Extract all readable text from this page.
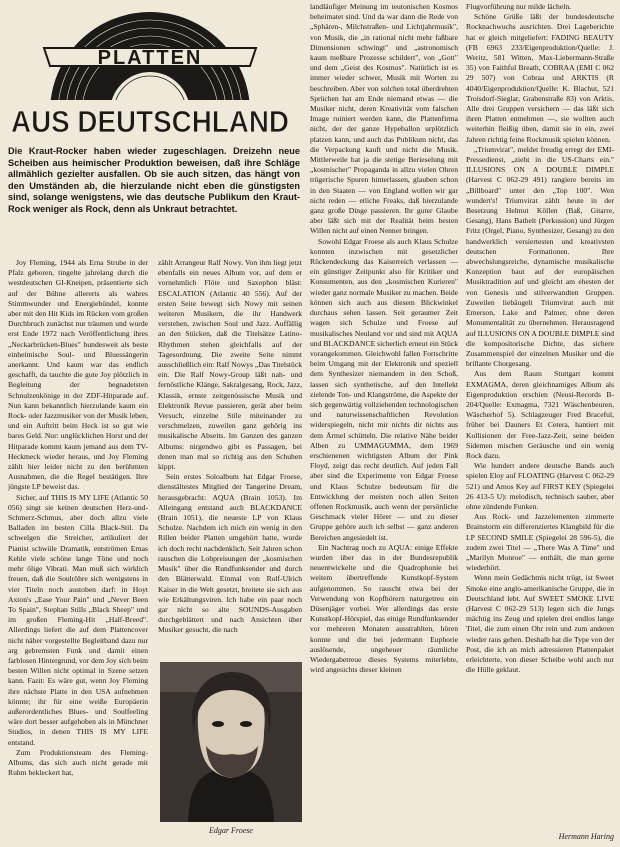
PLATTEN
AUS DEUTSCHLAND
Die Kraut-Rocker haben wieder zugeschlagen. Dreizehn neue Scheiben aus heimischer Produktion beweisen, daß ihre Schläge allmählich gezielter ausfallen. Ob sie auch sitzen, das hängt von den Umständen ab, die hierzulande nicht eben die günstigsten sind, solange wenigstens, wie das deutsche Publikum den Kraut-Rock weniger als Rock, denn als Unkraut betrachtet.

Joy Fleming, 1944 als Erna Strube in der Pfalz geboren, tingelte jahrelang durch die westdeutschen GI-Kneipen, präsentierte sich auf der Bühne allererts als wahres Stimmwunder und Energiebündel, konnte aber mit den Hit Kids im Rücken vom großen Durchbruch zunächst nur träumen und wurde erst Ende 1972 nach Veröffentlichung ihres „Neckarbrücken-Blues" bundesweit als beste einheimische Soul- und Bluessängerin anerkannt. Und kaum war das endlich geschafft, da tauchte die gute Joy plötzlich in Begleitung der begnadetsten Schnulzenkönige in der ZDF-Hitparade auf. Nun kann bekanntlich hierzulande kaum ein Rock- oder Jazzmusiker von der Musik leben, und ein Auftritt beim Heck ist so gut wie bares Geld. Nur: unglücklichen Horst und der Hitparade kommt kaum jemand aus dem TV-Heckmeck wieder heraus, und Joy Fleming zählt hier leider nicht zu den berühmten Ausnahmen, die die Regel bestätigen. Ihre jüngste LP beweist das.

Sicher, auf THIS IS MY LIFE (Atlantic 50 056) singt sie keinen deutschen Herz-und-Schmerz-Schmus, aber doch allzu viele Balladen im besten Cilla Black-Stil. Da schwelgen die Streicher, artikuliert der Pianist schwüle Dramatik, entströmen Ernas Kehle viele schöne lange Töne und noch mehr ölige Vibrati. Man muß sich wirklich freuen, daß die Soulröhre sich wenigstens in vier Titeln noch austoben darf: in Hoyt Axton's „Ease Your Pain" und „Never Been To Spain", Stephan Stills „Black Sheep" und im großen Fleming-Hit „Half-Breed". Allerdings liefert die auf dem Plattencover nicht näher vorgestellte Begleitband dazu nur arg gebremsten Funk und damit einen farblosen Hintergrund, vor dem Joy sich beim besten Willen nicht optimal in Szene setzen kann. Fazit: Es wäre gut, wenn Joy Fleming ihre nächste Platte in den USA aufnehmen könnte; ihr für eine weiße Europäerin außerordentliches Blues- und Soulfeeling wäre dort besser aufgehoben als in Münchner Studios, in denen THIS IS MY LIFE entstand.

Zum Produktionsteam des Fleming-Albums, das sich auch nicht gerade mit Ruhm bekleckert hat,

zählt Arrangeur Ralf Nowy. Von ihm liegt jetzt ebenfalls ein neues Album vor, auf dem er vornehmlich Flöte und Saxophon bläst: ESCALATION (Atlantic 40 556). Auf der ersten Seite bewegt sich Nowy mit seinen weiteren Musikern, die ihr Handwerk verstehen, zwischen Soul und Jazz. Auffällig an den Stücken, daß die Titelsätze Latino-Rhythmen stehen gleichfalls auf der Tagesordnung. Die zweite Seite nimmt ausschließlich ein: Ralf Nowys „Das Titelstück ein. Die Ralf Nowy-Group läßt nah- und fernöstliche Klänge, Sakralgesang, Rock, Jazz, Klassik, ernste zeitgenössische Musik und Elektronik Revue passieren, gerät aber beim Versuch, einzelne Stile miteinander zu verschmelzen, zuweilen ganz gehörig ins musikalische Abseits. Im Ganzen des ganzen Albums: nirgendwo gibt es Passagen, bei denen man mal so richtig aus den Schuhen kippt.

Sein erstes Soloalbum hat Edgar Froese, dienstältestes Mitglied der Tangerine Dream, herausgebracht: AQUA (Brain 1053). Im Alleingang entstand auch BLACKDANCE (Brain 1051), die neueste LP von Klaus Schulze. Nachdem ich mich ein wenig in den Rillen beider Platten umgehört hatte, wurde ich doch recht nachdenklich. Seit Jahren schon rauschen die Lobpreisungen der „kosmischen Musik" über die Rundfunksender und durch den Blätterwald. Einmal von Rolf-Ulrich Kaiser in die Welt gesetzt, breitete sie sich aus wie Erkältungsviren. Ich habe ein paar noch gar nicht so alte SOUNDS-Ausgaben durchgeblättert und nach Ansichten über Musiker gesucht, die nach

Edgar Froese

landläufiger Meinung im teutonischen Kosmos beheimatet sind. Und da war dann die Rede von „Sphären-, Milchstraßen- und Lichtjahrmusik", von Musik, die „in rational nicht mehr faßbare Dimensionen schwingt" und „astronomisch kaum meßbare Prozesse schildert", von „Gott" und dem „Geist des Kosmos". Natürlich ist es immer wieder schwer, Musik mit Worten zu beschreiben. Aber von solchen total überdrehten Sprüchen hat am Ende niemand etwas — die Musiker nicht, deren Kreativität vom falschen Image ruiniert werden kann, die Plattenfirma nicht, der der ganze Hypeballon urplötzlich platzen kann, und auch das Publikum nicht, das die Verpackung kauft und nicht die Musik. Mittlerweile hat ja die stetige Berieselung mit „kosmischer" Propaganda in allzu vielen Ohren trügerische Spuren hinterlassen, glauben schon in den Staaten — von England wollen wir gar nicht reden — etliche Freaks, daß hierzulande ganz große Dinge passieren. Ihr guter Glaube aber läßt sich mit der Realität beim besten Willen nicht auf einen Nenner bringen.

Sowohl Edgar Froese als auch Klaus Schulze konnten inzwischen mit gesetzlicher Rückendeckung das Kaiserreich verlassen — ein günstiger Zeitpunkt also für Kritiker und Konsumenten, aus den „kosmischen Kurieren" wieder ganz normale Musiker zu machen. Beide können sich auch aus diesem Blickwinkel durchaus sehen lassen. Seit geraumer Zeit wagen sich Schulze und Froese auf musikalisches Neuland vor und sind mit AQUA und BLACKDANCE sicherlich erneut ein Stück vorangekommen. Gleichwohl fallen Fortschritte beim Umgang mit der Elektronik und speziell dem Synthesizer niemandem in den Schoß, lassen sich synthetische, auf den Intellekt zielende Ton- und Klangströme, die Aspekte der sich gegenwärtig vollziehenden technologischen und naturwissenschaftlichen Revolution widerspiegeln, nicht mir nichts dir nichts aus dem Ärmel schütteln. Die relative Nähe beider Alben zu UMMAGUMMA, dem 1969 erschienenen wichtigsten Album der Pink Floyd, zeigt das recht deutlich. Auf jeden Fall aber sind die Experimente von Edgar Froese und Klaus Schulze bedeutsam für die Entwicklung der meisten noch allen Seiten offenen Rockmusik, auch wenn der persönliche Geschmack vieler Hörer — und zu dieser Gruppe gehöre auch ich selbst — ganz anderen Bereichen angesiedelt ist.

Ein Nachtrag noch zu AQUA: einige Effekte wurden über das in der Bundesrepublik neuentwickelte und die Quadrophonie bei weitem übertreffende Kunstkopf-System aufgenommen. So rauscht etwa bei der Verwendung von Kopfhörern naturgetreu ein Düsenjäger vorbei. Wer allerdings das erste Kunstkopf-Hörspiel, das einige Rundfunksender vor mehreren Monaten ausstrahlten, hören konnte und die bei jedermann Euphorie auslösende, ungeheuer räumliche Wiedergabetreue dieses Systems miterlebte, wird angesichts dieser kleinen

Flugvorführung nur milde lächeln.

Schöne Grüße läßt der bundesdeutsche Rocknachwuchs ausrichten. Drei Lageberichte hat er gleich mitgeliefert: FADING BEAUTY (FB 6963 233/Eigenproduktion/Quelle: J. Weritz, 581 Witten, Max-Liebermann-Straße 35) von Faithful Breath, COBRAA (EMI C 062 29 507) von Cobraa und ARKTIS (R 4040/Eigenproduktion/Quelle: K. Blachut, 521 Troisdorf-Sieglar, Grabenstraße 83) von Arktis. Alle drei Gruppen versichern — das läßt sich ihren Platten entnehmen —, sie wollten auch weiterhin fleißig üben, damit sie in ein, zwei Jahren richtig feine Rockmusik spielen können.

„Triumvirat", meldet freudig erregt der EMI-Pressedienst, „zieht in die US-Charts ein." ILLUSIONS ON A DOUBLE DIMPLE (Harvest C 062-29 491) rangiere bereits im „Billboard" unter den „Top 100". Wen wundert's! Triumvirat zählt heute in der Besetzung Helmut Köllen (Baß, Gitarre, Gesang), Hans Bathelt (Perkussion) und Jürgen Fritz (Orgel, Piano, Synthesizer, Gesang) zu den handwerklich versiertesten und kreativsten deutschen Formationen. Ihre abwechslungsreiche, dynamische musikalische Konzeption baut auf der europäischen Musiktradition auf und gleicht am ehesten der von Genesis und stilverwandten Gruppen. Zuweilen liebäugelt Triumvirat auch mit Emerson, Lake and Palmer, ohne deren Monumentalität zu übernehmen. Herausragend auf ILLUSIONS ON A DOUBLE DIMPLE sind die kompositorische Dichte, das sichere Zusammenspiel der einzelnen Musiker und die brillante Chorgesang.

Aus dem Raum Stuttgart kommt EXMAGMA, deren gleichnamiges Album als Eigenproduktion erschien (Neusi-Records B-204/Quelle: Exmagma, 7321 Wäschenbeuren, Wäscherhof 5). Schlagzeuger Fred Braceful, früher bei Dauners Et Cetera, hantiert mit Kollisionen der Free-Jazz-Zeit, seine beiden Sidemen mischen Geräusche und ein wenig Rock dazu.

Wie hundert andere deutsche Bands auch spielen Eloy auf FLOATING (Harvest C 062-29 521) und Amos Key auf FIRST KEY (Spiegelei 26 413-5 U): melodisch, technisch sauber, aber ohne zündende Funken.

Aus Rock- und Jazzelementen zimmerte Brainstorm ein differenziertes Klangbild für die LP SECOND SMILE (Spiegelei 28 596-5), die zudem zwei Titel — „There Was A Time" und „Marilyn Monroe" — enthält, die man gerne wiederhört.

Wenn mein Gedächtnis nicht trügt, ist Sweet Smoke eine anglo-amerikanische Gruppe, die in Deutschland lebt. Auf SWEET SMOKE LIVE (Harvest C 062-29 513) legen sich die Jungs mächtig ins Zeug und spielen drei endlos lange Titel, die zum einen Ohr rein und zum anderen wieder raus gehen. Deshalb hat die Type von der Post, die ich an mich adressieren Plattenpaket erleichterte, von dieser Scheibe wohl auch nur die Hülle geklaut.

Hermann Haring
